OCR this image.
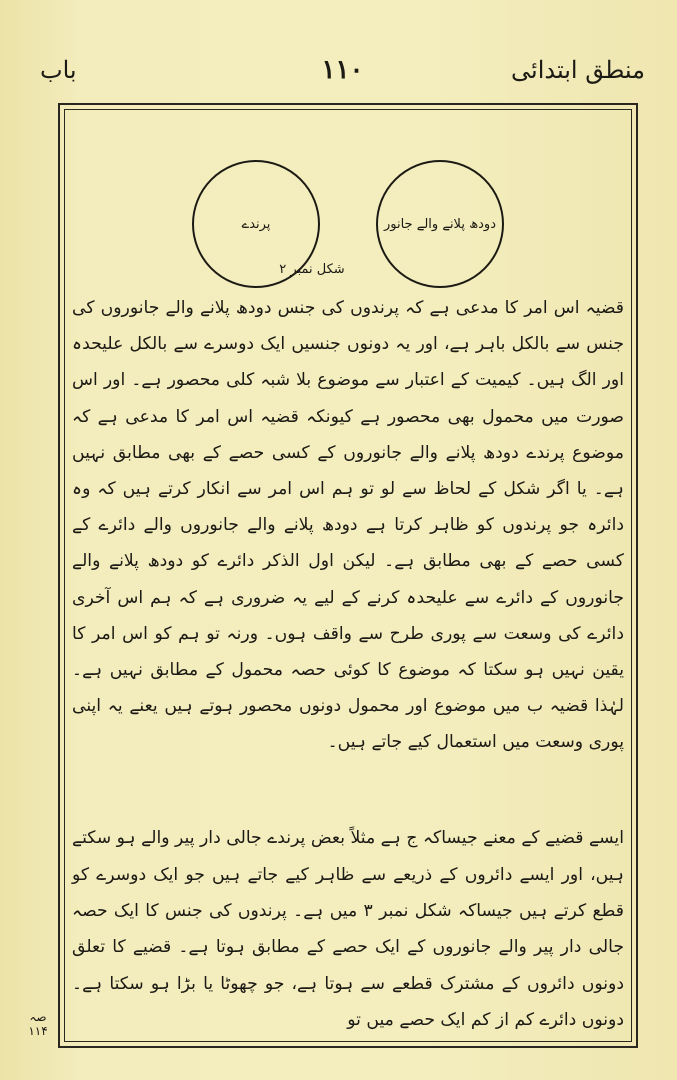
منطق ابتدائی
۱۱۰
باب
پرندے	دودھ پلانے والے جانور
شکل نمبر ۲

قضیہ اس امر کا مدعی ہے کہ پرندوں کی جنس دودھ پلانے والے جانوروں کی جنس سے بالکل باہر ہے، اور یہ دونوں جنسیں ایک دوسرے سے بالکل علیحدہ اور الگ ہیں۔ کیمیت کے اعتبار سے موضوع بلا شبہ کلی محصور ہے۔ اور اس صورت میں محمول بھی محصور ہے کیونکہ قضیہ اس امر کا مدعی ہے کہ موضوع پرندے دودھ پلانے والے جانوروں کے کسی حصے کے بھی مطابق نہیں ہے۔ یا اگر شکل کے لحاظ سے لو تو ہم اس امر سے انکار کرتے ہیں کہ وہ دائرہ جو پرندوں کو ظاہر کرتا ہے دودھ پلانے والے جانوروں والے دائرے کے کسی حصے کے بھی مطابق ہے۔ لیکن اول الذکر دائرے کو دودھ پلانے والے جانوروں کے دائرے سے علیحدہ کرنے کے لیے یہ ضروری ہے کہ ہم اس آخری دائرے کی وسعت سے پوری طرح سے واقف ہوں۔ ورنہ تو ہم کو اس امر کا یقین نہیں ہو سکتا کہ موضوع کا کوئی حصہ محمول کے مطابق نہیں ہے۔ لہٰذا قضیہ ب میں موضوع اور محمول دونوں محصور ہوتے ہیں یعنے یہ اپنی پوری وسعت میں استعمال کیے جاتے ہیں۔

ایسے قضیے کے معنے جیساکہ ج ہے مثلاً بعض پرندے جالی دار پیر والے ہو سکتے ہیں، اور ایسے دائروں کے ذریعے سے ظاہر کیے جاتے ہیں جو ایک دوسرے کو قطع کرتے ہیں جیساکہ شکل نمبر ۳ میں ہے۔ پرندوں کی جنس کا ایک حصہ جالی دار پیر والے جانوروں کے ایک حصے کے مطابق ہوتا ہے۔ قضیے کا تعلق دونوں دائروں کے مشترک قطعے سے ہوتا ہے، جو چھوٹا یا بڑا ہو سکتا ہے۔ دونوں دائرے کم از کم ایک حصے میں تو

صہ ۱۱۴
